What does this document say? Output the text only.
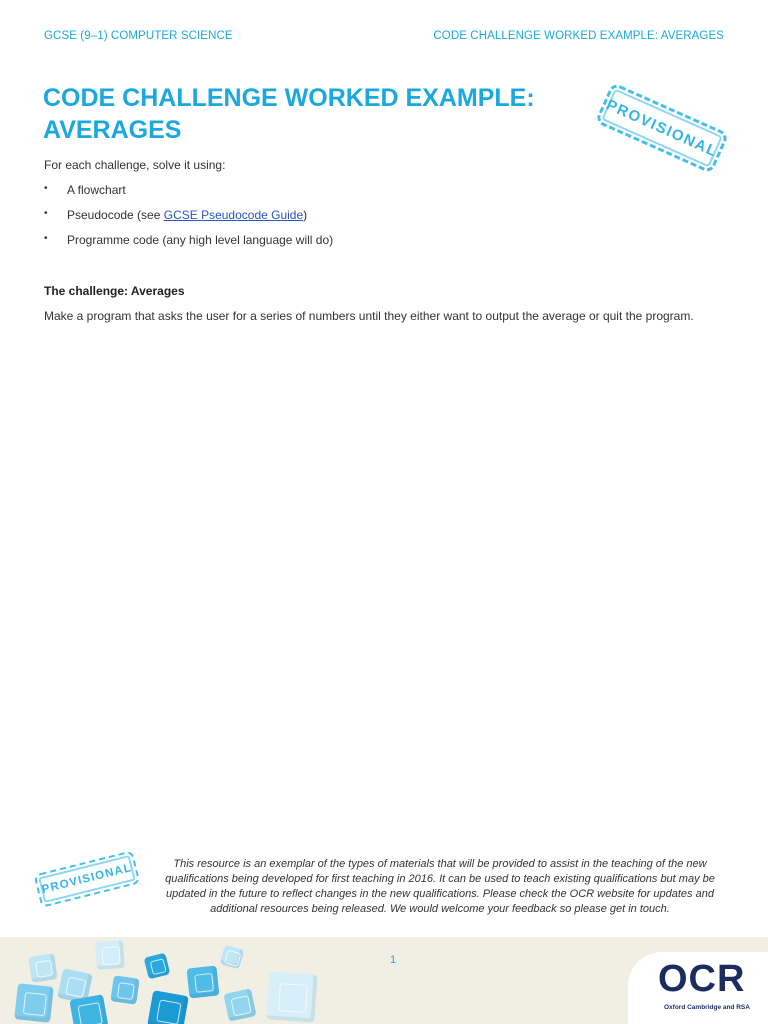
GCSE (9–1) COMPUTER SCIENCE	CODE CHALLENGE WORKED EXAMPLE: AVERAGES
CODE CHALLENGE WORKED EXAMPLE:
AVERAGES	PROVISIONAL
For each challenge, solve it using:
• A flowchart
• Pseudocode (see GCSE Pseudocode Guide)
• Programme code (any high level language will do)
The challenge: Averages
Make a program that asks the user for a series of numbers until they either want to output the average or quit the program.
PROVISIONAL	This resource is an exemplar of the types of materials that will be provided to assist in the teaching of the new
qualifications being developed for first teaching in 2016. It can be used to teach existing qualifications but may be
updated in the future to reflect changes in the new qualifications. Please check the OCR website for updates and
additional resources being released. We would welcome your feedback so please get in touch.
1	OCR
Oxford Cambridge and RSA
